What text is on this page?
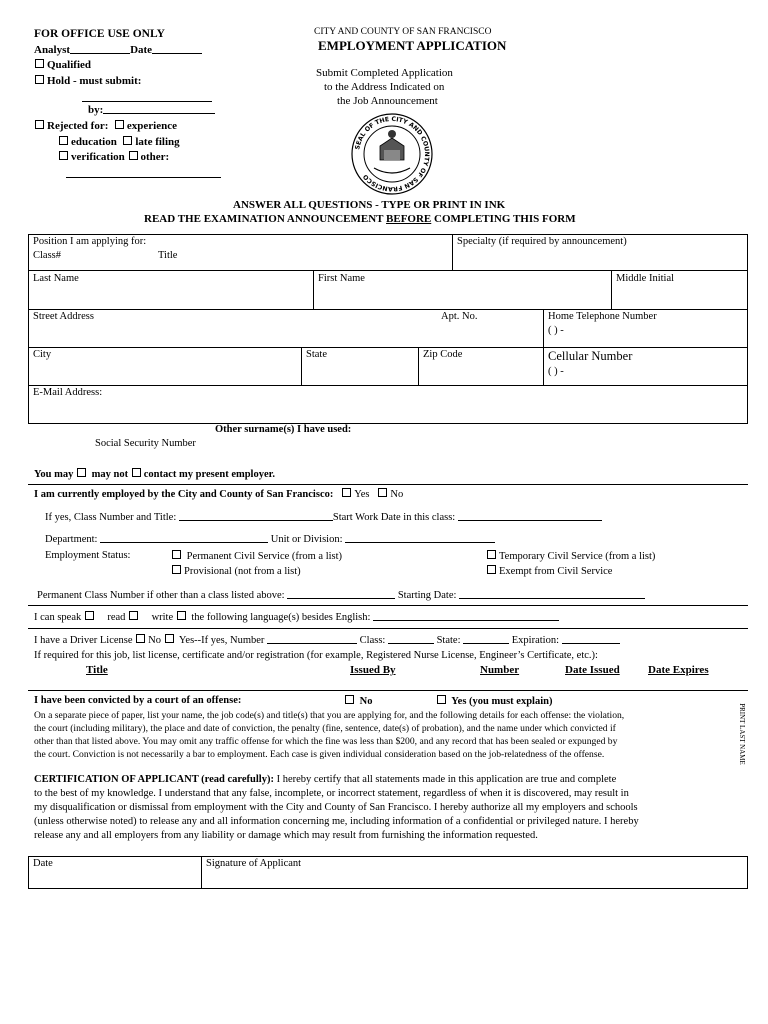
FOR OFFICE USE ONLY
Analyst	Date
Qualified
Hold - must submit:
by:
Rejected for: experience
education late filing
verification other:
CITY AND COUNTY OF SAN FRANCISCO
EMPLOYMENT APPLICATION
Submit Completed Application
to the Address Indicated on
the Job Announcement
SEAL OF THE CITY AND COUNTY OF SAN FRANCISCO
ANSWER ALL QUESTIONS - TYPE OR PRINT IN INK
READ THE EXAMINATION ANNOUNCEMENT BEFORE COMPLETING THIS FORM
Position I am applying for:
Class#	Title
Specialty (if required by announcement)
Last Name	First Name	Middle Initial
Street Address	Apt. No.	Home Telephone Number
( ) -
City	State	Zip Code	Cellular Number
( ) -
E-Mail Address:
Other surname(s) I have used:
Social Security Number
You may may not contact my present employer.
I am currently employed by the City and County of San Francisco: Yes No
If yes, Class Number and Title:	Start Work Date in this class:
Department:	Unit or Division:
Employment Status:	Permanent Civil Service (from a list)	Temporary Civil Service (from a list)
Provisional (not from a list)	Exempt from Civil Service
Permanent Class Number if other than a class listed above:	Starting Date:
I can speak read write the following language(s) besides English:
I have a Driver License No Yes--If yes, Number	Class:	State:	Expiration:
If required for this job, list license, certificate and/or registration (for example, Registered Nurse License, Engineer’s Certificate, etc.):
Title	Issued By	Number	Date Issued	Date Expires
I have been convicted by a court of an offense:	No	Yes (you must explain)
On a separate piece of paper, list your name, the job code(s) and title(s) that you are applying for, and the following details for each offense: the violation,
the court (including military), the place and date of conviction, the penalty (fine, sentence, date(s) of probation), and the name under which convicted if
other than that listed above. You may omit any traffic offense for which the fine was less than $200, and any record that has been sealed or expunged by
the court. Conviction is not necessarily a bar to employment. Each case is given individual consideration based on the job-relatedness of the offense.	PRINT LAST NAME
CERTIFICATION OF APPLICANT (read carefully): I hereby certify that all statements made in this application are true and complete
to the best of my knowledge. I understand that any false, incomplete, or incorrect statement, regardless of when it is discovered, may result in
my disqualification or dismissal from employment with the City and County of San Francisco. I hereby authorize all my employers and schools
(unless otherwise noted) to release any and all information concerning me, including information of a confidential or privileged nature. I hereby
release any and all employers from any liability or damage which may result from furnishing the information requested.
Date	Signature of Applicant
